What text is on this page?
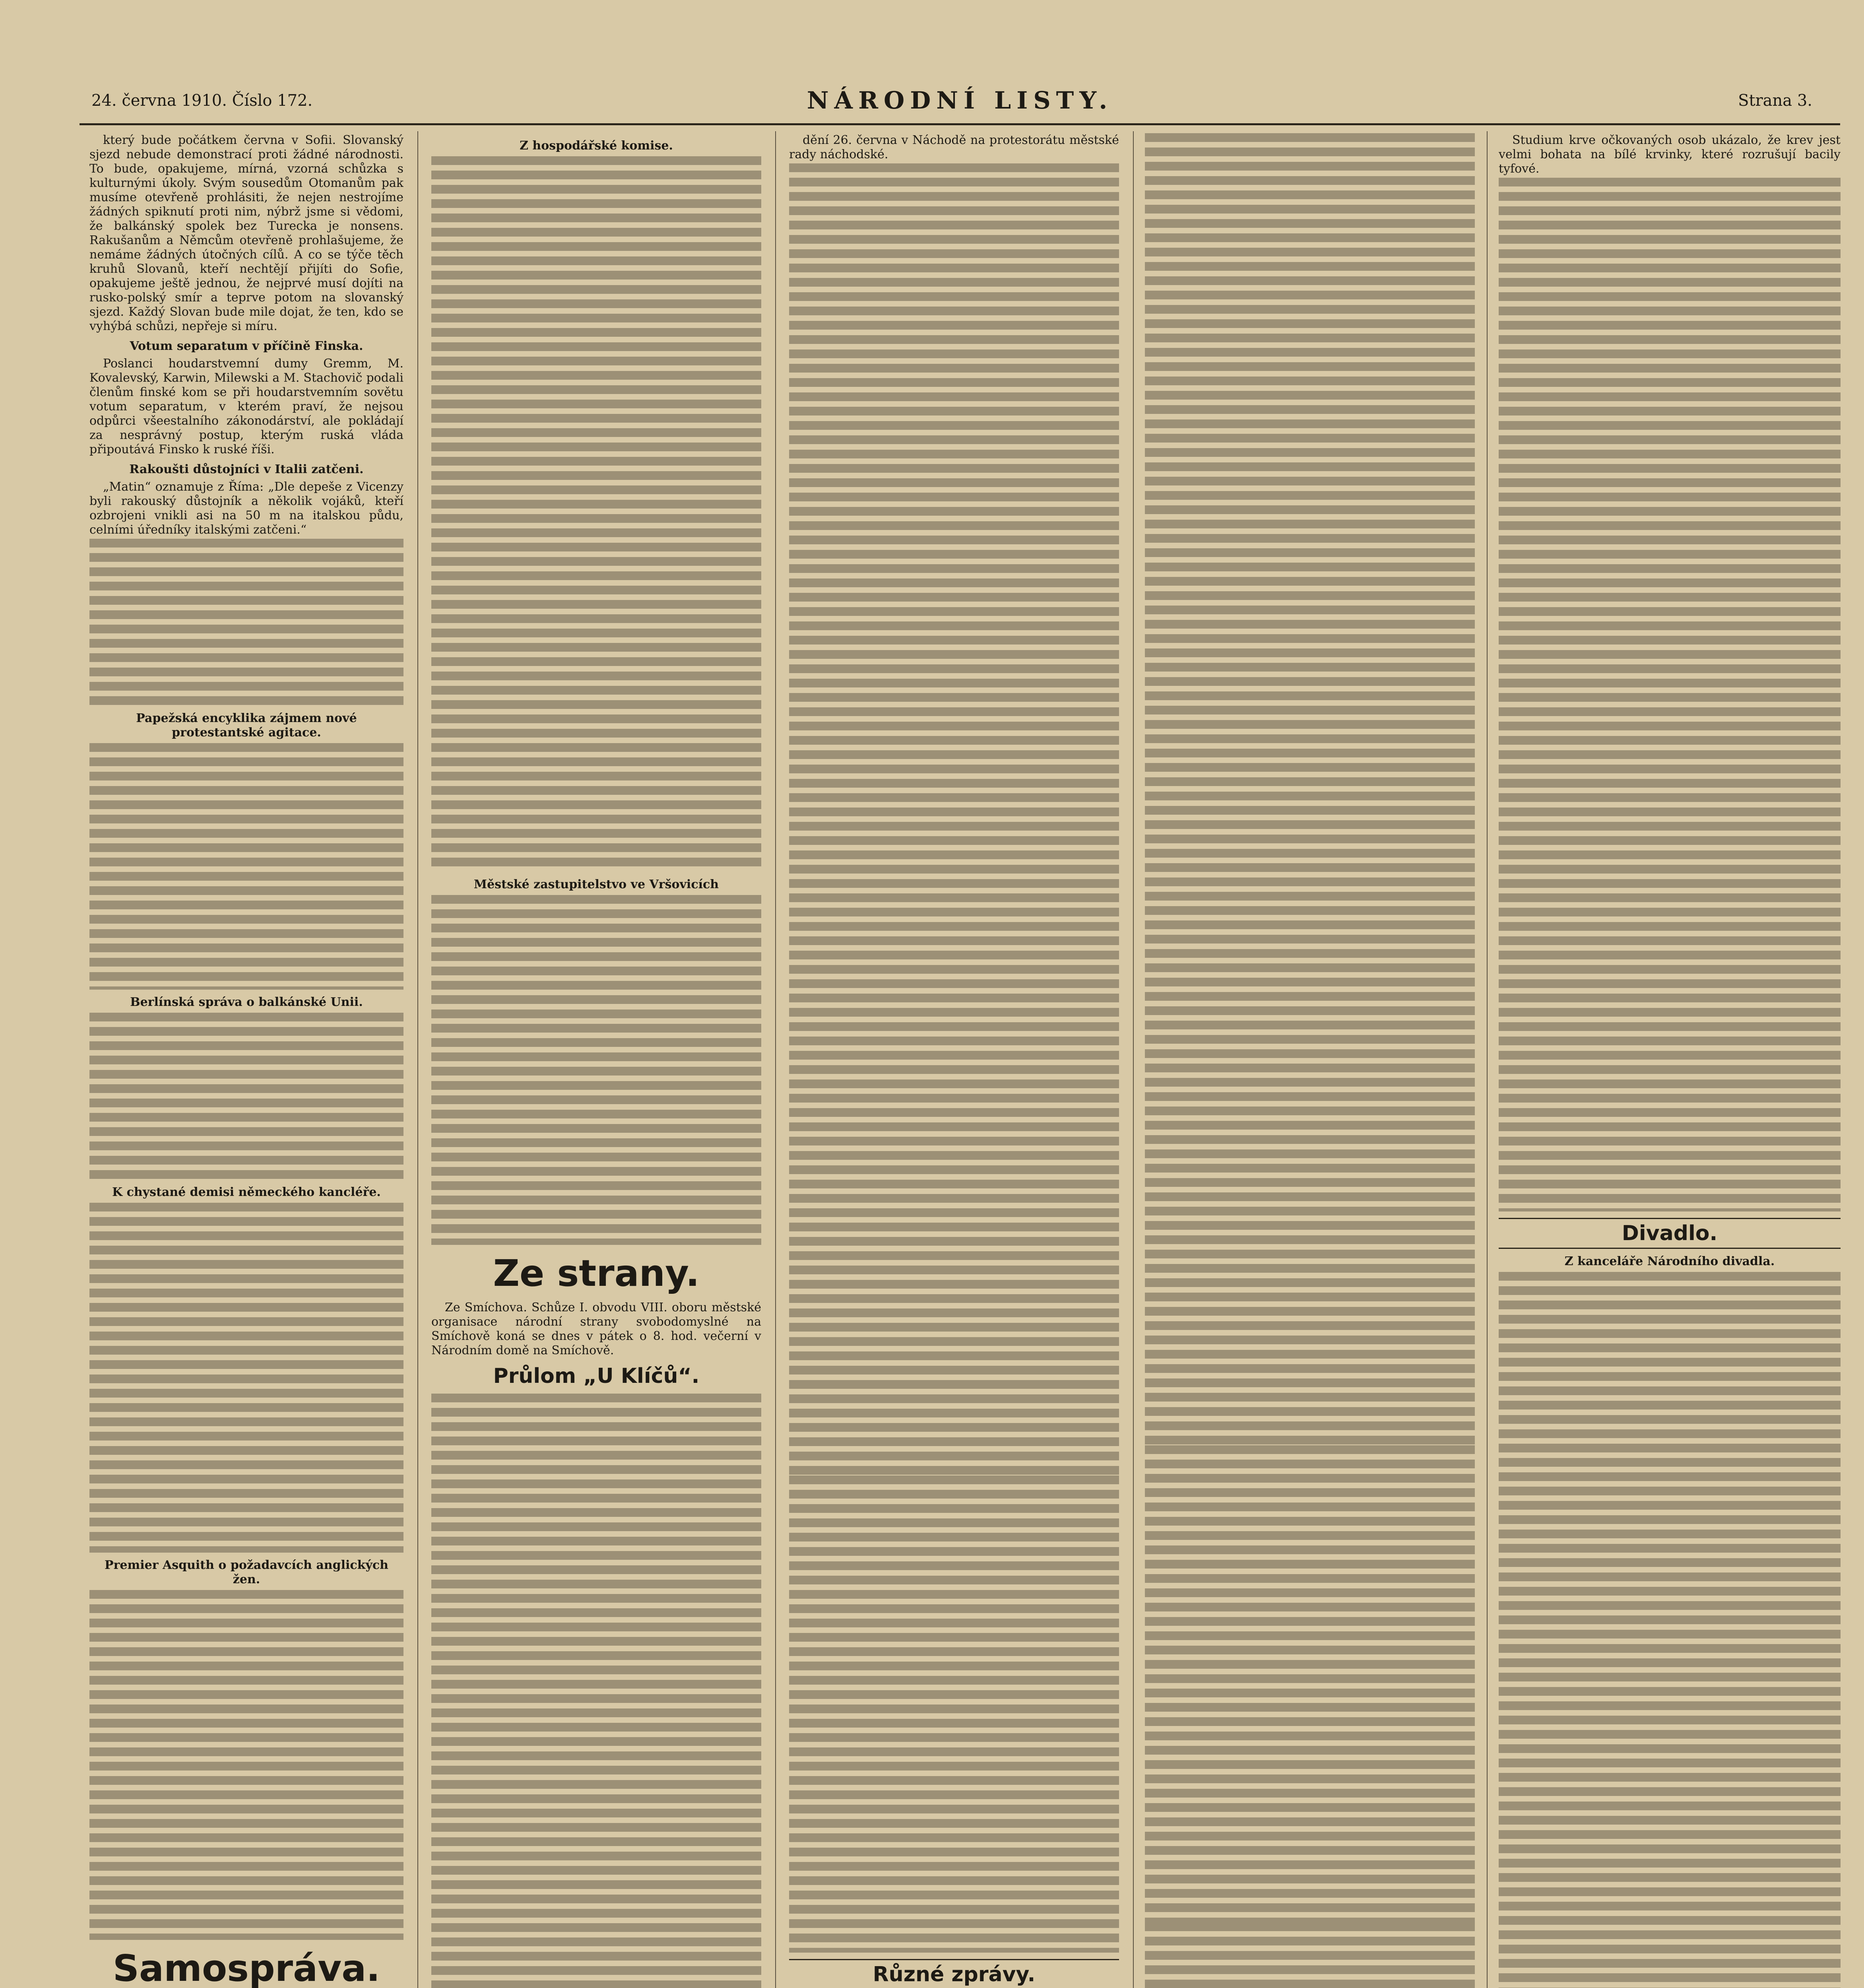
24. června 1910. Číslo 172.	NÁRODNÍ LISTY.	Strana 3.

který bude počátkem června v Sofii. Slovanský sjezd nebude demonstrací proti žádné národnosti. To bude, opakujeme, mírná, vzorná schůzka s kulturnými úkoly. Svým sousedům Otomanům pak musíme otevřeně prohlásiti, že nejen nestrojíme žádných spiknutí proti nim, nýbrž jsme si vědomi, že balkánský spolek bez Turecka je nonsens. Rakušanům a Němcům otevřeně prohlašujeme, že nemáme žádných útočných cílů. A co se týče těch kruhů Slovanů, kteří nechtějí přijíti do Sofie, opakujeme ještě jednou, že nejprvé musí dojíti na rusko-polský smír a teprve potom na slovanský sjezd. Každý Slovan bude mile dojat, že ten, kdo se vyhýbá schůzi, nepřeje si míru.

Votum separatum v příčině Finska.

Poslanci houdarstvemní dumy Gremm, M. Kovalevský, Karwin, Milewski a M. Stachovič podali členům finské kom se při houdarstvemním sovětu votum separatum, v kterém praví, že nejsou odpůrci všeestalního zákonodárství, ale pokládají za nesprávný postup, kterým ruská vláda připoutává Finsko k ruské říši.

Rakoušti důstojníci v Italii zatčeni.

„Matin“ oznamuje z Říma: „Dle depeše z Vicenzy byli rakouský důstojník a několik vojáků, kteří ozbrojeni vnikli asi na 50 m na italskou půdu, celními úředníky italskými zatčeni.“

Papežská encyklika zájmem nové protestantské agitace.
Berlínská správa o balkánské Unii.
K chystané demisi německého kancléře.
Premier Asquith o požadavcích anglických žen.
Samospráva.
Z hospodářské komise.
Městské zastupitelstvo ve Vršovicích
Ze strany.

Ze Smíchova. Schůze I. obvodu VIII. oboru městské organisace národní strany svobodomyslné na Smíchově koná se dnes v pátek o 8. hod. večerní v Národním domě na Smíchově.

Průlom „U Klíčů“.

dění 26. června v Náchodě na protestorátu městské rady náchodské.

Různé zprávy.

Studium krve očkovaných osob ukázalo, že krev jest velmi bohata na bílé krvinky, které rozrušují bacily tyfové.

Divadlo.
Z kanceláře Národního divadla.
